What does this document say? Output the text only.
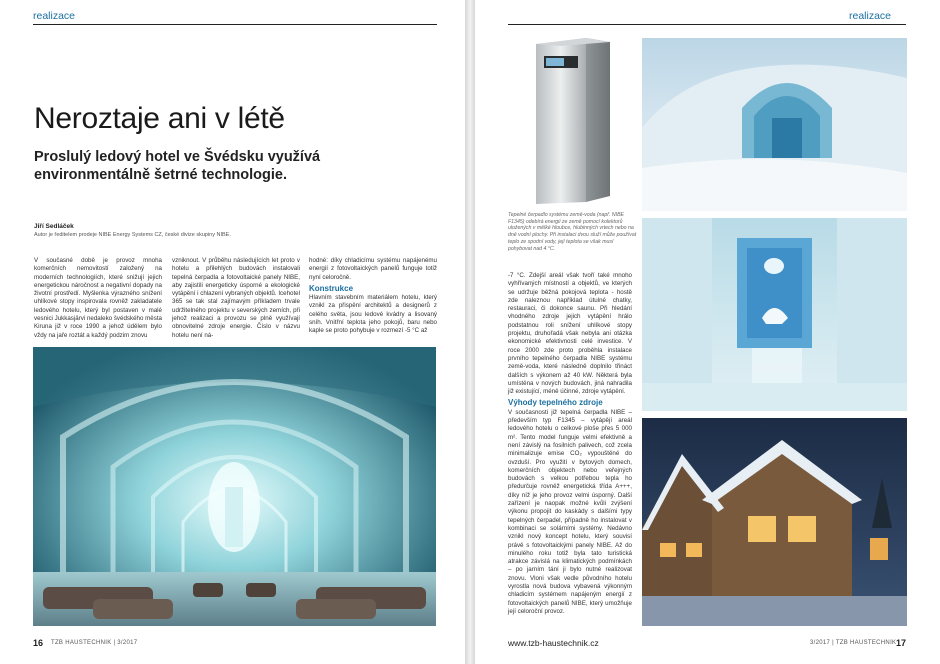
realizace
Neroztaje ani v létě
Proslulý ledový hotel ve Švédsku využívá environmentálně šetrné technologie.
Jiří Sedláček
Autor je ředitelem prodeje NIBE Energy Systems CZ, české divize skupiny NIBE.
V současné době je provoz mnoha komerčních nemovitostí založený na moderních technologiích, které snižují jejich energetickou náročnost a negativní dopady na životní prostředí. Myšlenka výrazného snížení uhlíkové stopy inspirovala rovněž zakladatele ledového hotelu, který byl postaven v malé vesnici Jukkasjärvi nedaleko švédského města Kiruna již v roce 1990 a jehož údělem bylo vždy na jaře roztát a každý podzim znovu
vzniknout. V průběhu následujících let proto v hotelu a přilehlých budovách instalovali tepelná čerpadla a fotovoltaické panely NIBE, aby zajistili energeticky úsporné a ekologické vytápění i chlazení vybraných objektů. Icehotel 365 se tak stal zajímavým příkladem trvale udržitelného projektu v severských zemích, při jehož realizaci a provozu se plně využívají obnovitelné zdroje energie. Číslo v názvu hotelu není ná-
hodné: díky chladicímu systému napájenému energií z fotovoltaických panelů funguje totiž nyní celoročně.
Konstrukce
Hlavním stavebním materiálem hotelu, který vznikl za přispění architektů a designerů z celého světa, jsou ledové kvádry a lisovaný sníh. Vnitřní teplota jeho pokojů, baru nebo kaple se proto pohybuje v rozmezí -5 °C až
16 TZB HAUSTECHNIK | 3/2017
realizace
Tepelné čerpadlo systému země-voda (např. NIBE F1345) odebírá energii ze země pomocí kolektorů uložených v mělké hloubce, hlubinných vrtech nebo na dně vodní plochy. Při instalaci dvou služí může používat teplo ze spodní vody, její teplota se však musí pohybovat nad 4 °C.
-7 °C. Zdejší areál však tvoří také mnoho vyhřívaných místností a objektů, ve kterých se udržuje běžná pokojová teplota - hostě zde naleznou například útulné chatky, restauraci, či dokonce saunu. Při hledání vhodného zdroje jejich vytápění hrálo podstatnou roli snížení uhlíkové stopy projektu, druhořadá však nebyla ani otázka ekonomické efektivnosti celé investice. V roce 2000 zde proto proběhla instalace prvního tepelného čerpadla NIBE systému země-voda, které následně doplnilo třináct dalších s výkonem až 40 kW. Některá byla umístěna v nových budovách, jiná nahradila již existující, méně účinné, zdroje vytápění.
Výhody tepelného zdroje
V současnosti již tepelná čerpadla NIBE – především typ F1345 – vytápějí areál ledového hotelu o celkové ploše přes 5 000 m². Tento model funguje velmi efektivně a není závislý na fosilních palivech, což zcela minimalizuje emise CO₂ vypouštěné do ovzduší. Pro využití v bytových domech, komerčních objektech nebo veřejných budovách s velkou potřebou tepla ho předurčuje rovněž energetická třída A+++, díky níž je jeho provoz velmi úsporný. Další zařízení je naopak možné kvůli zvýšení výkonu propojit do kaskády s dalšími typy tepelných čerpadel, případně ho instalovat v kombinaci se solárními systémy. Nedávno vznikl nový koncept hotelu, který souvisí právě s fotovoltaickými panely NIBE. Až do minulého roku totiž byla tato turistická atrakce závislá na klimatických podmínkách – po jarním tání ji bylo nutné realizovat znovu. Vloni však vedle původního hotelu vyrostla nová budova vybavená výkonným chladicím systémem napájeným energií z fotovoltaických panelů NIBE, který umožňuje její celoroční provoz.
www.tzb-haustechnik.cz	3/2017 | TZB HAUSTECHNIK 17
